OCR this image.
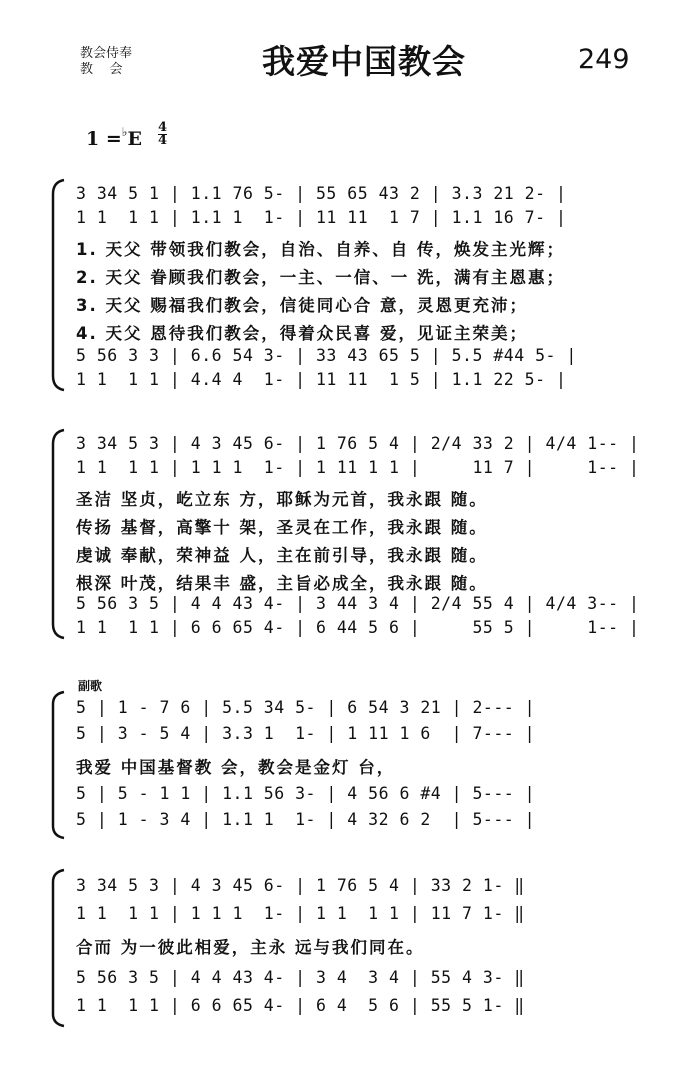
教会侍奉
教    会	我爱中国教会	249
1 =♭E
4
4
3 34 5 1 | 1.1 76 5- | 55 65 43 2 | 3.3 21 2- |
1 1  1 1 | 1.1 1  1- | 11 11  1 7 | 1.1 16 7- |
1. 天父 带领我们教会，自治、自养、自 传，焕发主光辉；
2. 天父 眷顾我们教会，一主、一信、一 洗，满有主恩惠；
3. 天父 赐福我们教会，信徒同心合 意，灵恩更充沛；
4. 天父 恩待我们教会，得着众民喜 爱，见证主荣美；
5 56 3 3 | 6.6 54 3- | 33 43 65 5 | 5.5 #44 5- |
1 1  1 1 | 4.4 4  1- | 11 11  1 5 | 1.1 22 5- |
3 34 5 3 | 4 3 45 6- | 1 76 5 4 | 2/4 33 2 | 4/4 1-- |
1 1  1 1 | 1 1 1  1- | 1 11 1 1 |     11 7 |     1-- |
圣洁 坚贞，屹立东 方，耶稣为元首，我永跟 随。
传扬 基督，高擎十 架，圣灵在工作，我永跟 随。
虔诚 奉献，荣神益 人，主在前引导，我永跟 随。
根深 叶茂，结果丰 盛，主旨必成全，我永跟 随。
5 56 3 5 | 4 4 43 4- | 3 44 3 4 | 2/4 55 4 | 4/4 3-- |
1 1  1 1 | 6 6 65 4- | 6 44 5 6 |     55 5 |     1-- |
副歌
5 | 1 - 7 6 | 5.5 34 5- | 6 54 3 21 | 2--- |
5 | 3 - 5 4 | 3.3 1  1- | 1 11 1 6  | 7--- |
我爱 中国基督教 会，教会是金灯 台，
5 | 5 - 1 1 | 1.1 56 3- | 4 56 6 #4 | 5--- |
5 | 1 - 3 4 | 1.1 1  1- | 4 32 6 2  | 5--- |
3 34 5 3 | 4 3 45 6- | 1 76 5 4 | 33 2 1- ‖
1 1  1 1 | 1 1 1  1- | 1 1  1 1 | 11 7 1- ‖
合而 为一彼此相爱，主永 远与我们同在。
5 56 3 5 | 4 4 43 4- | 3 4  3 4 | 55 4 3- ‖
1 1  1 1 | 6 6 65 4- | 6 4  5 6 | 55 5 1- ‖
